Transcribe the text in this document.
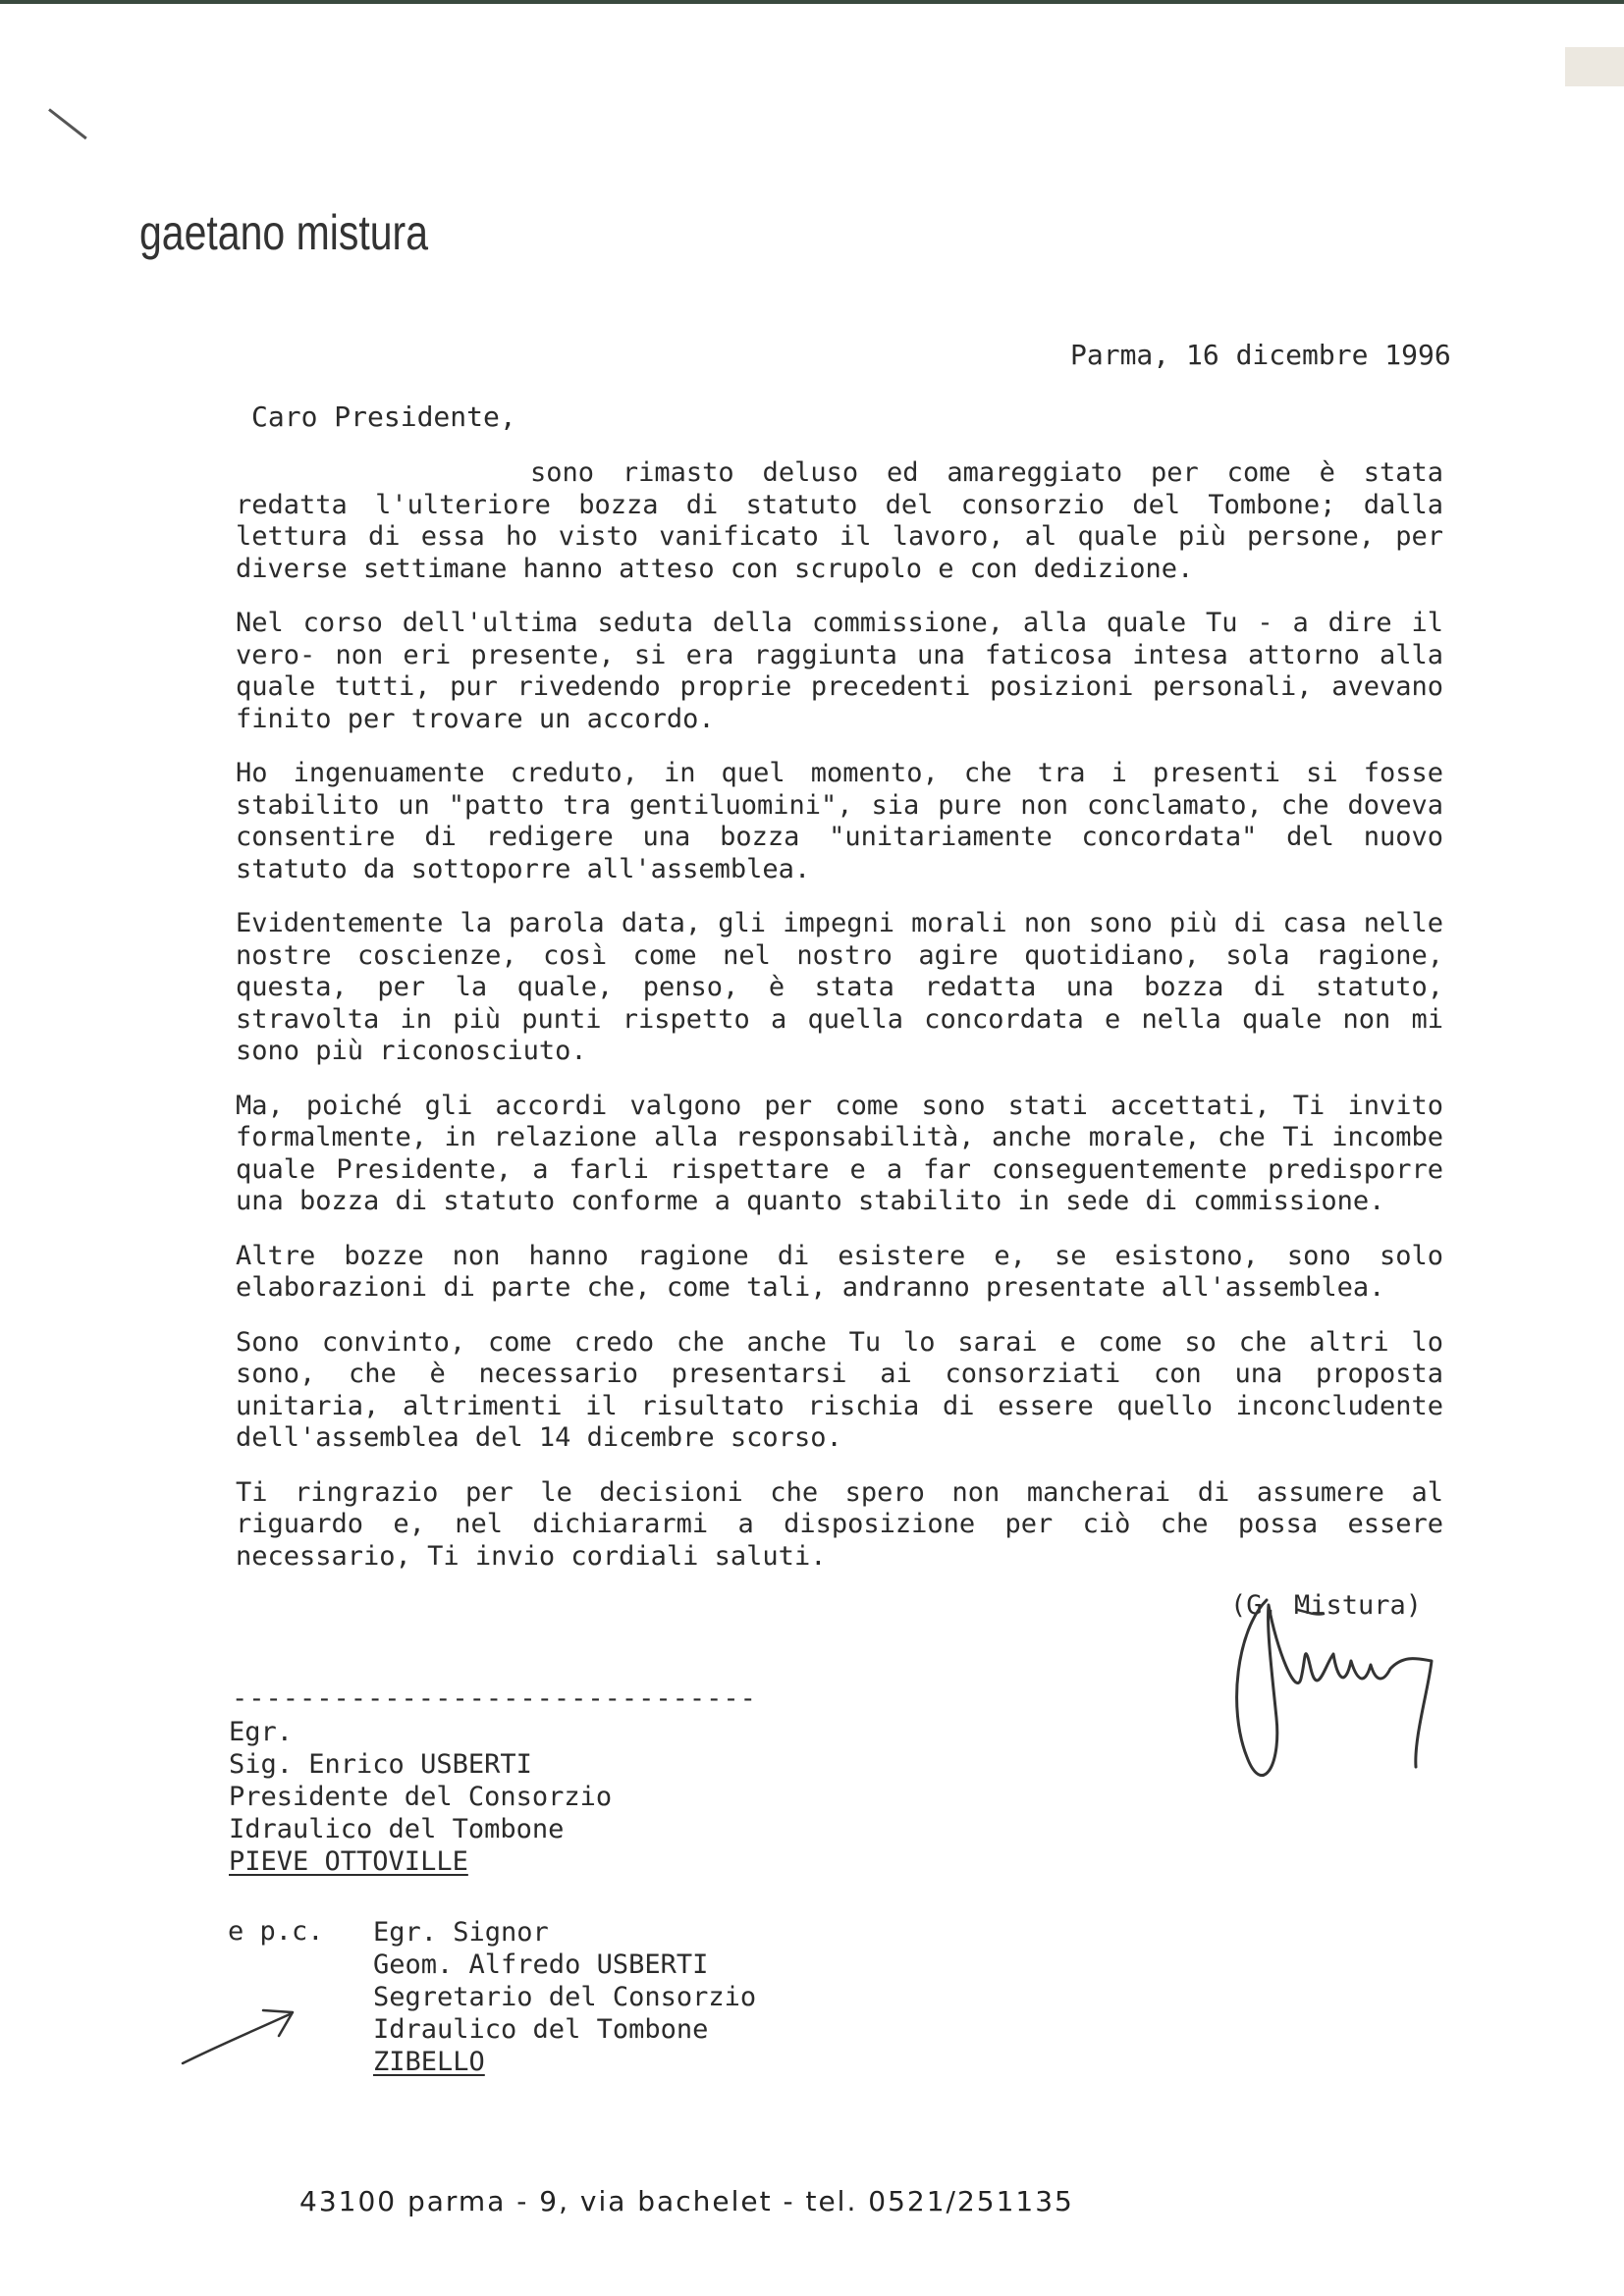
gaetano mistura
Parma, 16 dicembre 1996
Caro Presidente,

sono rimasto deluso ed amareggiato per come è stata redatta l'ulteriore bozza di statuto del consorzio del Tombone; dalla lettura di essa ho visto vanificato il lavoro, al quale più persone, per diverse settimane hanno atteso con scrupolo e con dedizione.

Nel corso dell'ultima seduta della commissione, alla quale Tu - a dire il vero- non eri presente, si era raggiunta una faticosa intesa attorno alla quale tutti, pur rivedendo proprie precedenti posizioni personali, avevano finito per trovare un accordo.

Ho ingenuamente creduto, in quel momento, che tra i presenti si fosse stabilito un "patto tra gentiluomini", sia pure non conclamato, che doveva consentire di redigere una bozza "unitariamente concordata" del nuovo statuto da sottoporre all'assemblea.

Evidentemente la parola data, gli impegni morali non sono più di casa nelle nostre coscienze, così come nel nostro agire quotidiano, sola ragione, questa, per la quale, penso, è stata redatta una bozza di statuto, stravolta in più punti rispetto a quella concordata e nella quale non mi sono più riconosciuto.

Ma, poiché gli accordi valgono per come sono stati accettati, Ti invito formalmente, in relazione alla responsabilità, anche morale, che Ti incombe quale Presidente, a farli rispettare e a far conseguentemente predisporre una bozza di statuto conforme a quanto stabilito in sede di commissione.

Altre bozze non hanno ragione di esistere e, se esistono, sono solo elaborazioni di parte che, come tali, andranno presentate all'assemblea.

Sono convinto, come credo che anche Tu lo sarai e come so che altri lo sono, che è necessario presentarsi ai consorziati con una proposta unitaria, altrimenti il risultato rischia di essere quello inconcludente dell'assemblea del 14 dicembre scorso.

Ti ringrazio per le decisioni che spero non mancherai di assumere al riguardo e, nel dichiararmi a disposizione per ciò che possa essere necessario, Ti invio cordiali saluti.

(G. Mistura)
-------------------------------
Egr.
Sig. Enrico USBERTI
Presidente del Consorzio
Idraulico del Tombone
PIEVE OTTOVILLE
e p.c. Egr. Signor
Geom. Alfredo USBERTI
Segretario del Consorzio
Idraulico del Tombone
ZIBELLO
43100 parma - 9, via bachelet - tel. 0521/251135
